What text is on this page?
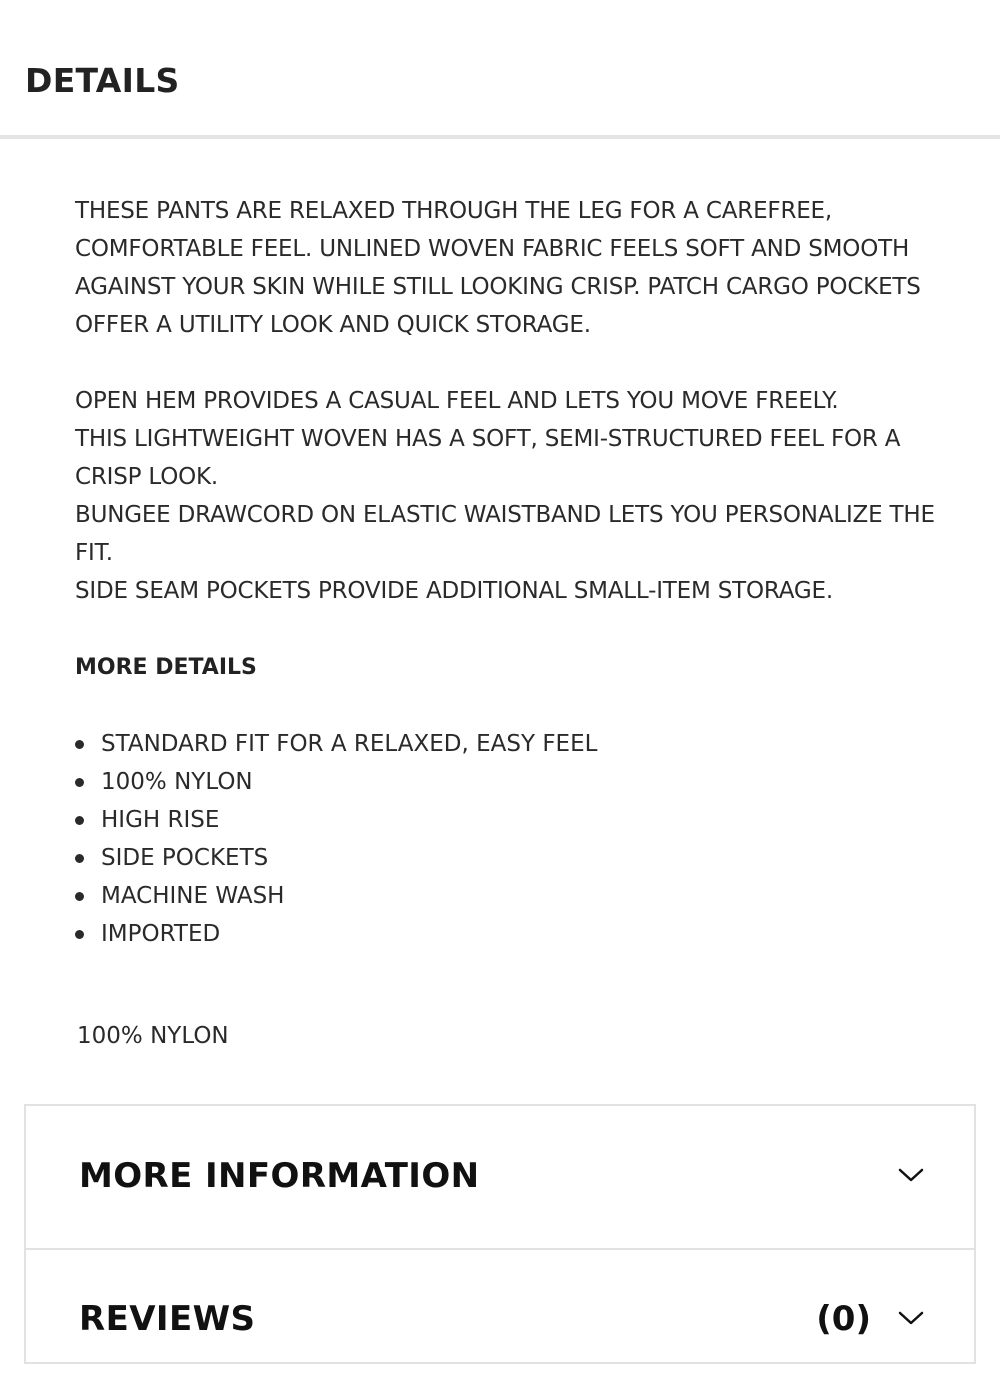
DETAILS

THESE PANTS ARE RELAXED THROUGH THE LEG FOR A CAREFREE, COMFORTABLE FEEL. UNLINED WOVEN FABRIC FEELS SOFT AND SMOOTH AGAINST YOUR SKIN WHILE STILL LOOKING CRISP. PATCH CARGO POCKETS OFFER A UTILITY LOOK AND QUICK STORAGE.

OPEN HEM PROVIDES A CASUAL FEEL AND LETS YOU MOVE FREELY.
THIS LIGHTWEIGHT WOVEN HAS A SOFT, SEMI-STRUCTURED FEEL FOR A CRISP LOOK.
BUNGEE DRAWCORD ON ELASTIC WAISTBAND LETS YOU PERSONALIZE THE FIT.
SIDE SEAM POCKETS PROVIDE ADDITIONAL SMALL-ITEM STORAGE.
MORE DETAILS
STANDARD FIT FOR A RELAXED, EASY FEEL
100% NYLON
HIGH RISE
SIDE POCKETS
MACHINE WASH
IMPORTED

100% NYLON

MORE INFORMATION
REVIEWS	(0)
